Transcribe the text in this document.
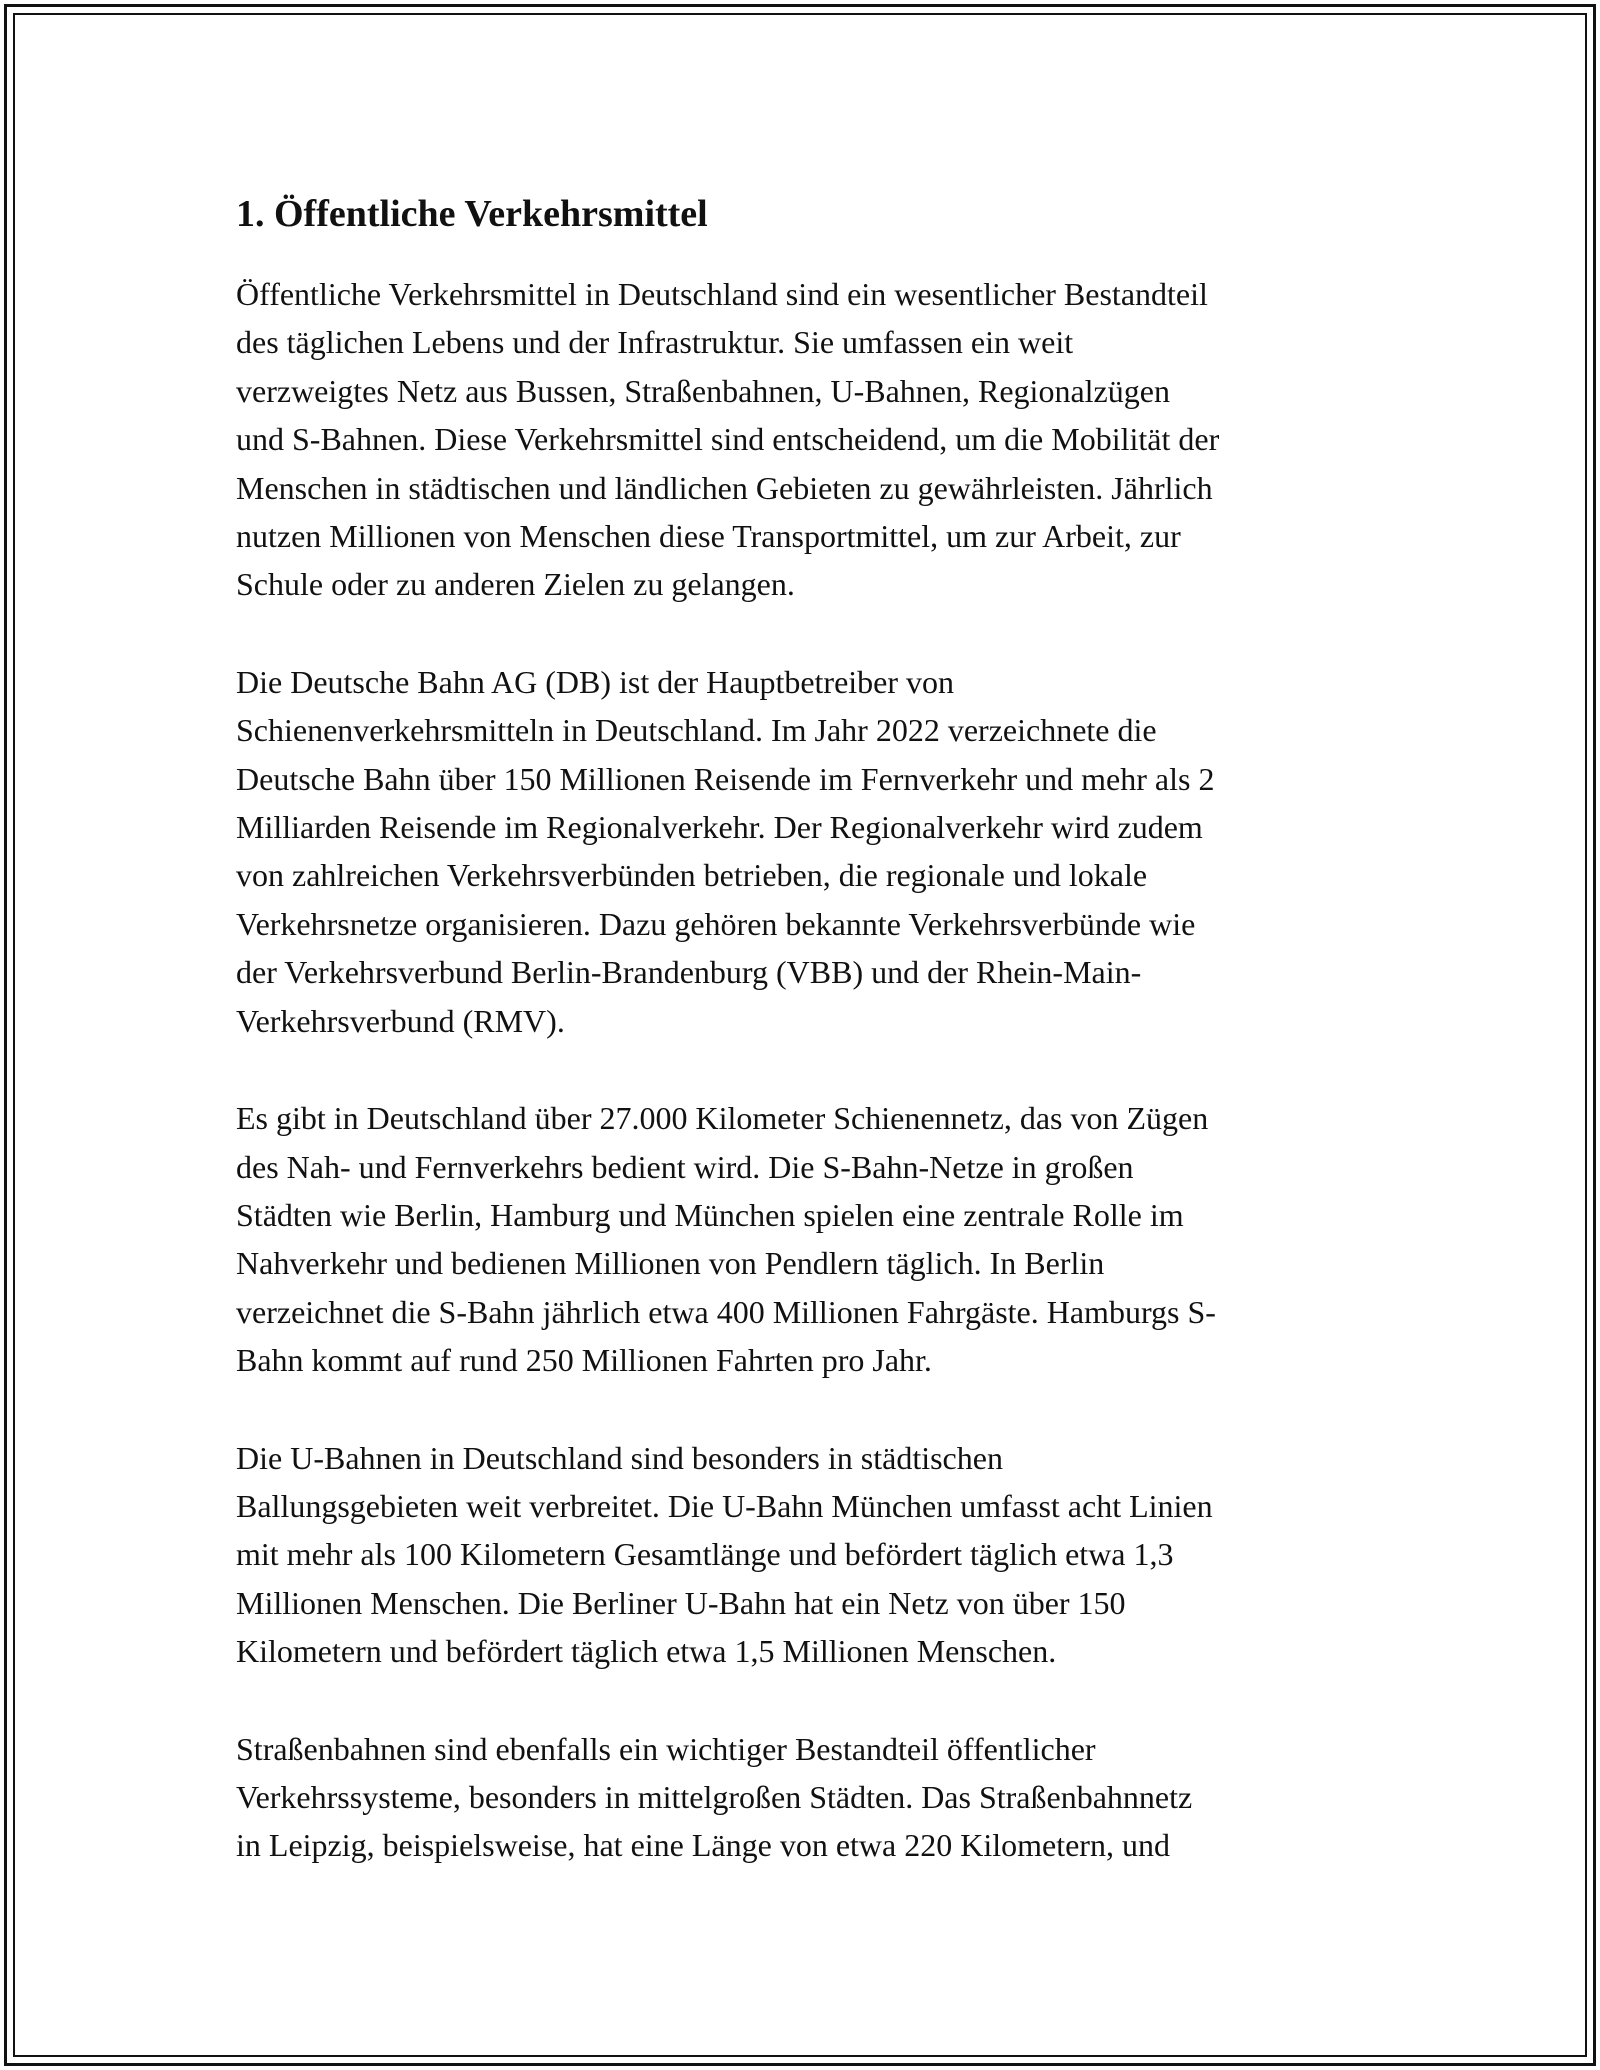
1. Öffentliche Verkehrsmittel

Öffentliche Verkehrsmittel in Deutschland sind ein wesentlicher Bestandteil
des täglichen Lebens und der Infrastruktur. Sie umfassen ein weit
verzweigtes Netz aus Bussen, Straßenbahnen, U-Bahnen, Regionalzügen
und S-Bahnen. Diese Verkehrsmittel sind entscheidend, um die Mobilität der
Menschen in städtischen und ländlichen Gebieten zu gewährleisten. Jährlich
nutzen Millionen von Menschen diese Transportmittel, um zur Arbeit, zur
Schule oder zu anderen Zielen zu gelangen.

Die Deutsche Bahn AG (DB) ist der Hauptbetreiber von
Schienenverkehrsmitteln in Deutschland. Im Jahr 2022 verzeichnete die
Deutsche Bahn über 150 Millionen Reisende im Fernverkehr und mehr als 2
Milliarden Reisende im Regionalverkehr. Der Regionalverkehr wird zudem
von zahlreichen Verkehrsverbünden betrieben, die regionale und lokale
Verkehrsnetze organisieren. Dazu gehören bekannte Verkehrsverbünde wie
der Verkehrsverbund Berlin-Brandenburg (VBB) und der Rhein-Main-
Verkehrsverbund (RMV).

Es gibt in Deutschland über 27.000 Kilometer Schienennetz, das von Zügen
des Nah- und Fernverkehrs bedient wird. Die S-Bahn-Netze in großen
Städten wie Berlin, Hamburg und München spielen eine zentrale Rolle im
Nahverkehr und bedienen Millionen von Pendlern täglich. In Berlin
verzeichnet die S-Bahn jährlich etwa 400 Millionen Fahrgäste. Hamburgs S-
Bahn kommt auf rund 250 Millionen Fahrten pro Jahr.

Die U-Bahnen in Deutschland sind besonders in städtischen
Ballungsgebieten weit verbreitet. Die U-Bahn München umfasst acht Linien
mit mehr als 100 Kilometern Gesamtlänge und befördert täglich etwa 1,3
Millionen Menschen. Die Berliner U-Bahn hat ein Netz von über 150
Kilometern und befördert täglich etwa 1,5 Millionen Menschen.

Straßenbahnen sind ebenfalls ein wichtiger Bestandteil öffentlicher
Verkehrssysteme, besonders in mittelgroßen Städten. Das Straßenbahnnetz
in Leipzig, beispielsweise, hat eine Länge von etwa 220 Kilometern, und
